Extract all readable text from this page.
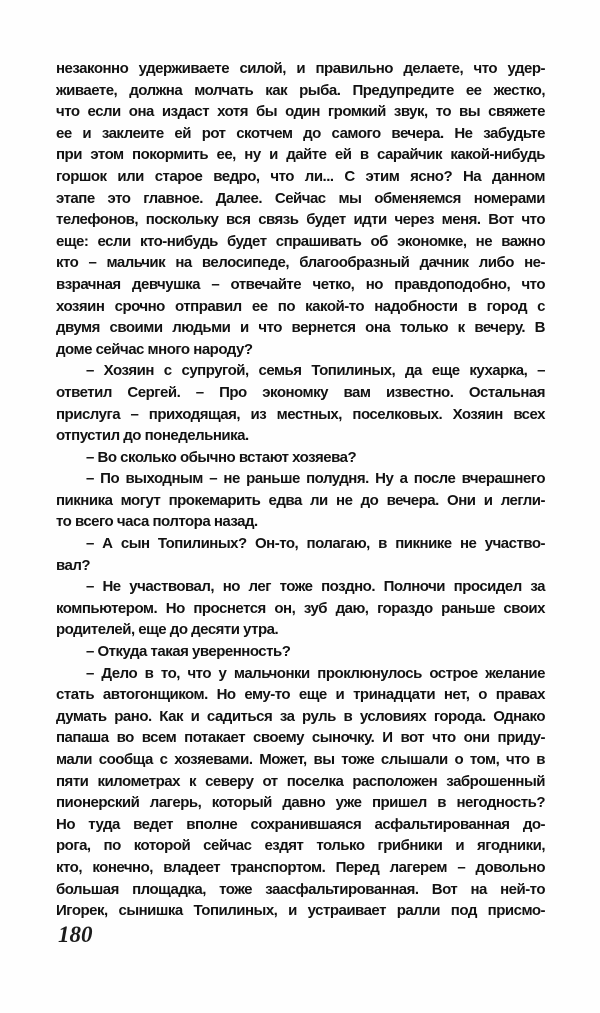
незаконно удерживаете силой, и правильно делаете, что удер-
живаете, должна молчать как рыба. Предупредите ее жестко,
что если она издаст хотя бы один громкий звук, то вы свяжете
ее и заклеите ей рот скотчем до самого вечера. Не забудьте
при этом покормить ее, ну и дайте ей в сарайчик какой-нибудь
горшок или старое ведро, что ли... С этим ясно? На данном
этапе это главное. Далее. Сейчас мы обменяемся номерами
телефонов, поскольку вся связь будет идти через меня. Вот что
еще: если кто-нибудь будет спрашивать об экономке, не важно
кто – мальчик на велосипеде, благообразный дачник либо не-
взрачная девчушка – отвечайте четко, но правдоподобно, что
хозяин срочно отправил ее по какой-то надобности в город с
двумя своими людьми и что вернется она только к вечеру. В
доме сейчас много народу?
– Хозяин с супругой, семья Топилиных, да еще кухарка, –
ответил Сергей. – Про экономку вам известно. Остальная
прислуга – приходящая, из местных, поселковых. Хозяин всех
отпустил до понедельника.
– Во сколько обычно встают хозяева?
– По выходным – не раньше полудня. Ну а после вчерашнего
пикника могут прокемарить едва ли не до вечера. Они и легли-
то всего часа полтора назад.
– А сын Топилиных? Он-то, полагаю, в пикнике не участво-
вал?
– Не участвовал, но лег тоже поздно. Полночи просидел за
компьютером. Но проснется он, зуб даю, гораздо раньше своих
родителей, еще до десяти утра.
– Откуда такая уверенность?
– Дело в то, что у мальчонки проклюнулось острое желание
стать автогонщиком. Но ему-то еще и тринадцати нет, о правах
думать рано. Как и садиться за руль в условиях города. Однако
папаша во всем потакает своему сыночку. И вот что они приду-
мали сообща с хозяевами. Может, вы тоже слышали о том, что в
пяти километрах к северу от поселка расположен заброшенный
пионерский лагерь, который давно уже пришел в негодность?
Но туда ведет вполне сохранившаяся асфальтированная до-
рога, по которой сейчас ездят только грибники и ягодники,
кто, конечно, владеет транспортом. Перед лагерем – довольно
большая площадка, тоже заасфальтированная. Вот на ней-то
Игорек, сынишка Топилиных, и устраивает ралли под присмо-
180
